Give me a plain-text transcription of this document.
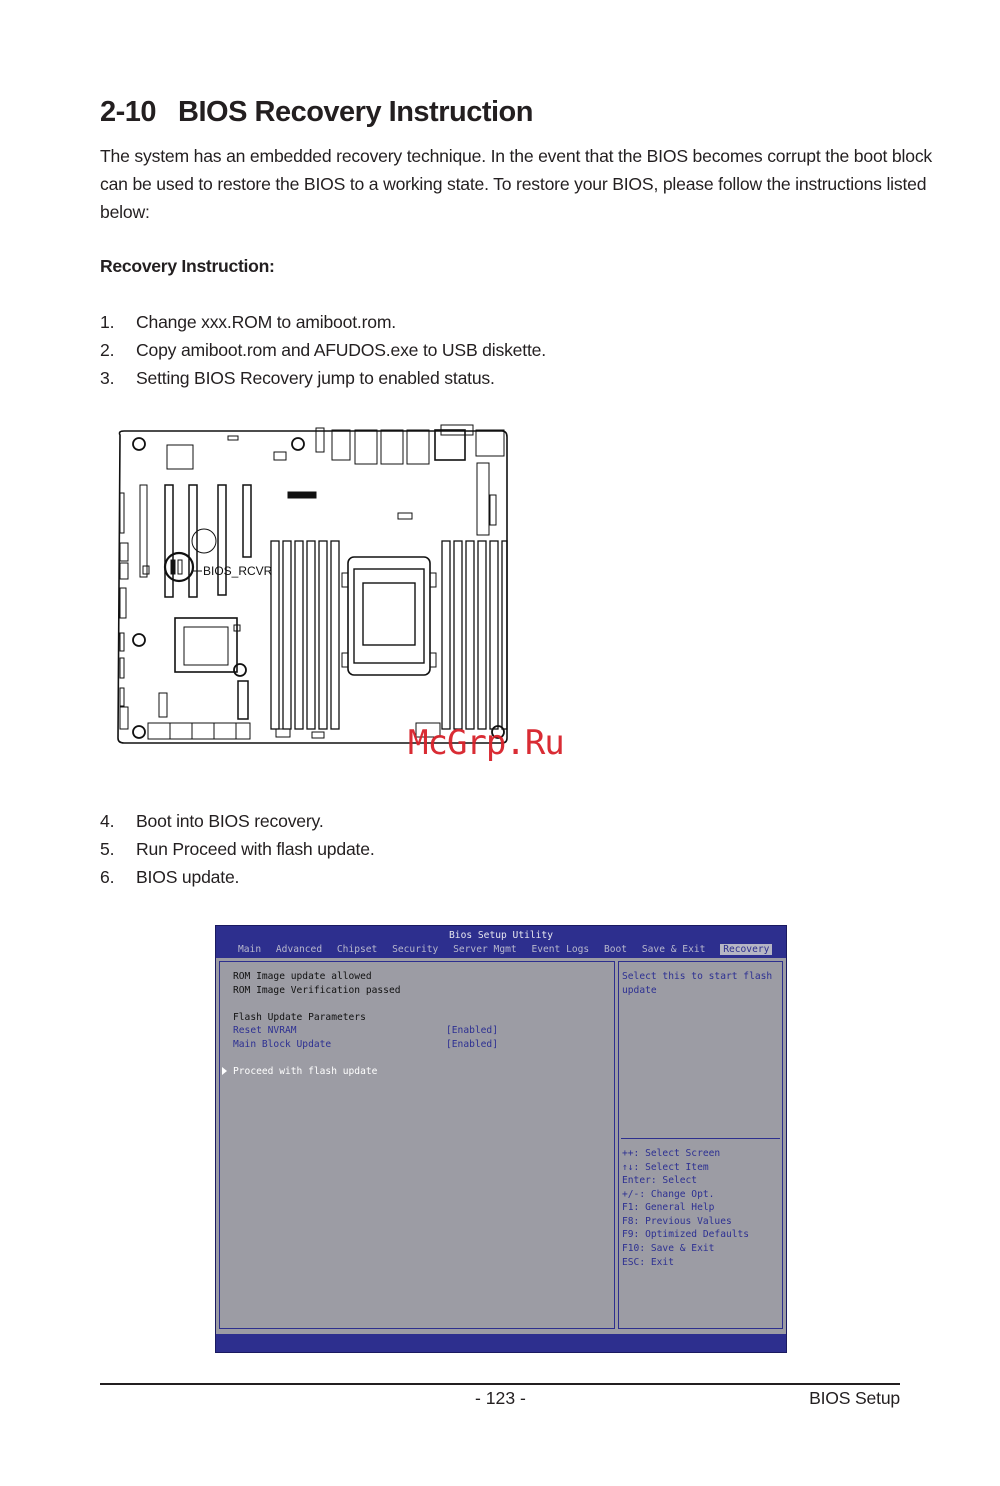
2-10 BIOS Recovery Instruction
The system has an embedded recovery technique. In the event that the BIOS becomes corrupt the boot block
can be used to restore the BIOS to a working state. To restore your BIOS, please follow the instructions listed
below:
Recovery Instruction:
1. Change xxx.ROM to amiboot.rom.
2. Copy amiboot.rom and AFUDOS.exe to USB diskette.
3. Setting BIOS Recovery jump to enabled status.
BIOS_RCVR
McGrp.Ru
4. Boot into BIOS recovery.
5. Run Proceed with flash update.
6. BIOS update.
Bios Setup Utility
Main Advanced Chipset Security Server Mgmt Event Logs Boot Save & Exit Recovery
ROM Image update allowed
ROM Image Verification passed
Flash Update Parameters
Reset NVRAM	[Enabled]
Main Block Update	[Enabled]
Proceed with flash update
Select this to start flash
update
++: Select Screen
↑↓: Select Item
Enter: Select
+/-: Change Opt.
F1: General Help
F8: Previous Values
F9: Optimized Defaults
F10: Save & Exit
ESC: Exit
- 123 -	BIOS Setup
